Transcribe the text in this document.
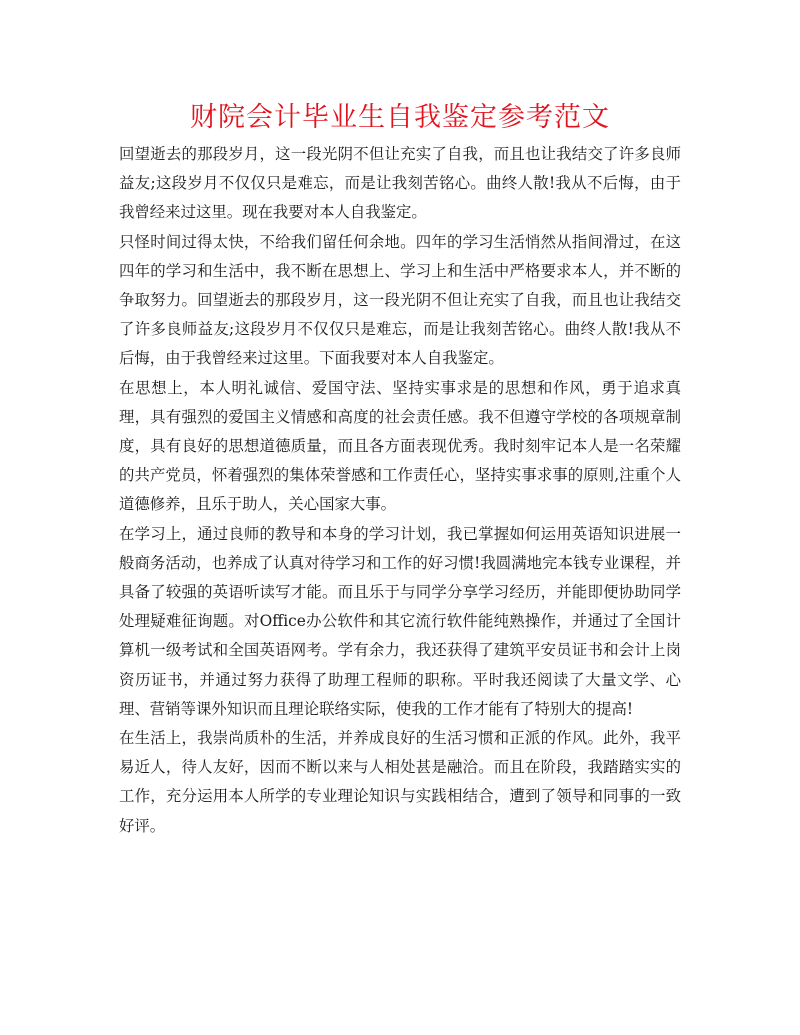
财院会计毕业生自我鉴定参考范文

回望逝去的那段岁月，这一段光阴不但让充实了自我，而且也让我结交了许多良师益友;这段岁月不仅仅只是难忘，而是让我刻苦铭心。曲终人散!我从不后悔，由于我曾经来过这里。现在我要对本人自我鉴定。

只怪时间过得太快，不给我们留任何余地。四年的学习生活悄然从指间滑过，在这四年的学习和生活中，我不断在思想上、学习上和生活中严格要求本人，并不断的争取努力。回望逝去的那段岁月，这一段光阴不但让充实了自我，而且也让我结交了许多良师益友;这段岁月不仅仅只是难忘，而是让我刻苦铭心。曲终人散!我从不后悔，由于我曾经来过这里。下面我要对本人自我鉴定。

在思想上，本人明礼诚信、爱国守法、坚持实事求是的思想和作风，勇于追求真理，具有强烈的爱国主义情感和高度的社会责任感。我不但遵守学校的各项规章制度，具有良好的思想道德质量，而且各方面表现优秀。我时刻牢记本人是一名荣耀的共产党员，怀着强烈的集体荣誉感和工作责任心，坚持实事求事的原则,注重个人道德修养，且乐于助人，关心国家大事。

在学习上，通过良师的教导和本身的学习计划，我已掌握如何运用英语知识进展一般商务活动，也养成了认真对待学习和工作的好习惯!我圆满地完本钱专业课程，并具备了较强的英语听读写才能。而且乐于与同学分享学习经历，并能即便协助同学处理疑难征询题。对Office办公软件和其它流行软件能纯熟操作，并通过了全国计算机一级考试和全国英语网考。学有余力，我还获得了建筑平安员证书和会计上岗资历证书，并通过努力获得了助理工程师的职称。平时我还阅读了大量文学、心理、营销等课外知识而且理论联络实际，使我的工作才能有了特别大的提高!

在生活上，我崇尚质朴的生活，并养成良好的生活习惯和正派的作风。此外，我平易近人，待人友好，因而不断以来与人相处甚是融洽。而且在阶段，我踏踏实实的工作，充分运用本人所学的专业理论知识与实践相结合，遭到了领导和同事的一致好评。
